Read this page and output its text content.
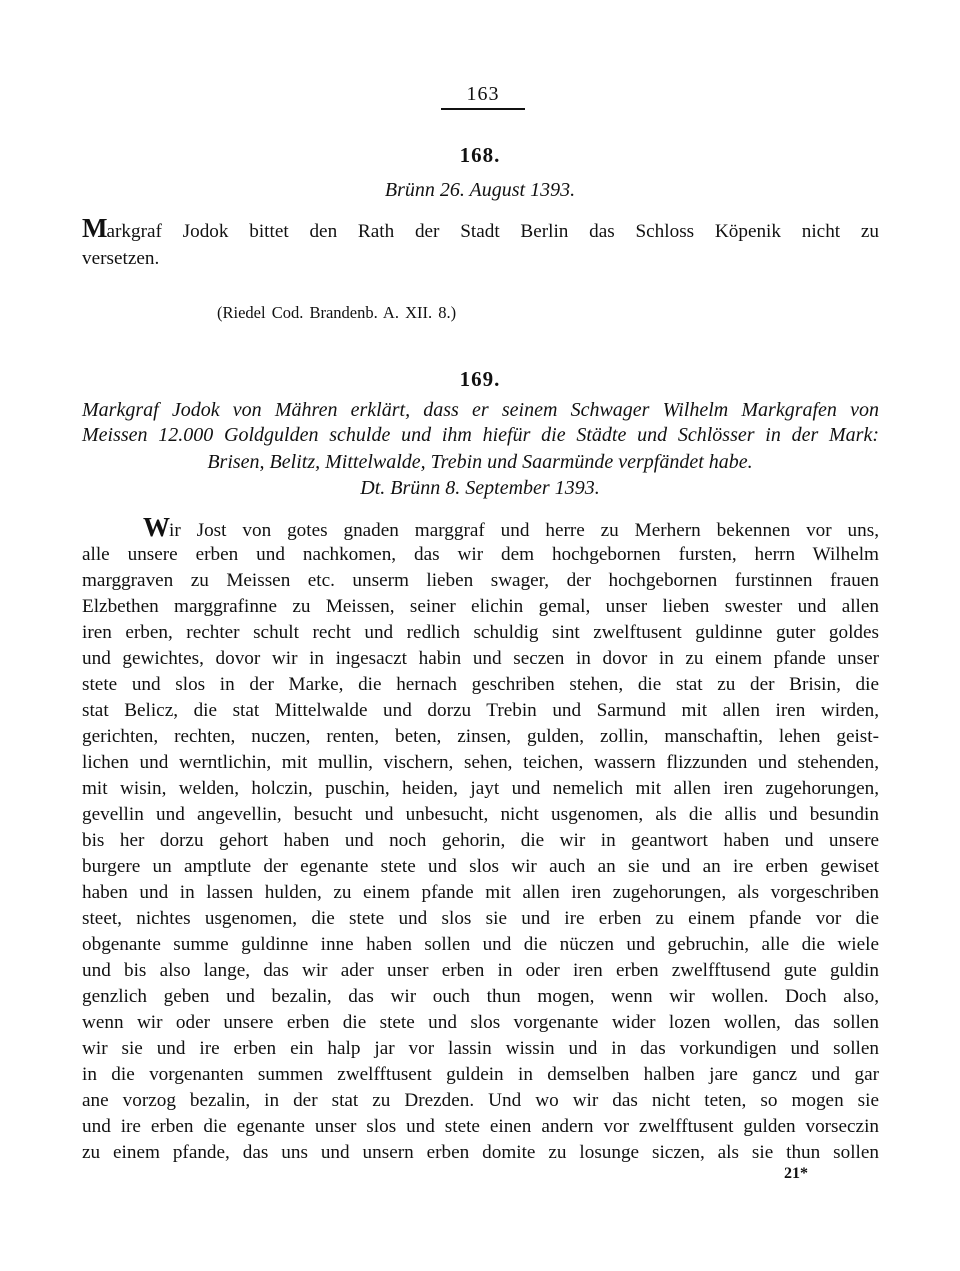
163
168.
Brünn 26. August 1393.
Markgraf Jodok bittet den Rath der Stadt Berlin das Schloss Köpenik nicht zu
versetzen.
(Riedel Cod. Brandenb. A. XII. 8.)
169.
Markgraf Jodok von Mähren erklärt, dass er seinem Schwager Wilhelm Markgrafen von
Meissen 12.000 Goldgulden schulde und ihm hiefür die Städte und Schlösser in der Mark:
Brisen, Belitz, Mittelwalde, Trebin und Saarmünde verpfändet habe.
Dt. Brünn 8. September 1393.
Wir Jost von gotes gnaden marggraf und herre zu Merhern bekennen vor uns,
alle unsere erben und nachkomen, das wir dem hochgebornen fursten, herrn Wilhelm
marggraven zu Meissen etc. unserm lieben swager, der hochgebornen furstinnen frauen
Elzbethen marggrafinne zu Meissen, seiner elichin gemal, unser lieben swester und allen
iren erben, rechter schult recht und redlich schuldig sint zwelftusent guldinne guter goldes
und gewichtes, dovor wir in ingesaczt habin und seczen in dovor in zu einem pfande unser
stete und slos in der Marke, die hernach geschriben stehen, die stat zu der Brisin, die
stat Belicz, die stat Mittelwalde und dorzu Trebin und Sarmund mit allen iren wirden,
gerichten, rechten, nuczen, renten, beten, zinsen, gulden, zollin, manschaftin, lehen geist-
lichen und werntlichin, mit mullin, vischern, sehen, teichen, wassern flizzunden und stehenden,
mit wisin, welden, holczin, puschin, heiden, jayt und nemelich mit allen iren zugehorungen,
gevellin und angevellin, besucht und unbesucht, nicht usgenomen, als die allis und besundin
bis her dorzu gehort haben und noch gehorin, die wir in geantwort haben und unsere
burgere un amptlute der egenante stete und slos wir auch an sie und an ire erben gewiset
haben und in lassen hulden, zu einem pfande mit allen iren zugehorungen, als vorgeschriben
steet, nichtes usgenomen, die stete und slos sie und ire erben zu einem pfande vor die
obgenante summe guldinne inne haben sollen und die nüczen und gebruchin, alle die wiele
und bis also lange, das wir ader unser erben in oder iren erben zwelfftusend gute guldin
genzlich geben und bezalin, das wir ouch thun mogen, wenn wir wollen. Doch also,
wenn wir oder unsere erben die stete und slos vorgenante wider lozen wollen, das sollen
wir sie und ire erben ein halp jar vor lassin wissin und in das vorkundigen und sollen
in die vorgenanten summen zwelfftusent guldein in demselben halben jare gancz und gar
ane vorzog bezalin, in der stat zu Drezden. Und wo wir das nicht teten, so mogen sie
und ire erben die egenante unser slos und stete einen andern vor zwelfftusent gulden vorseczin
zu einem pfande, das uns und unsern erben domite zu losunge siczen, als sie thun sollen
21*
